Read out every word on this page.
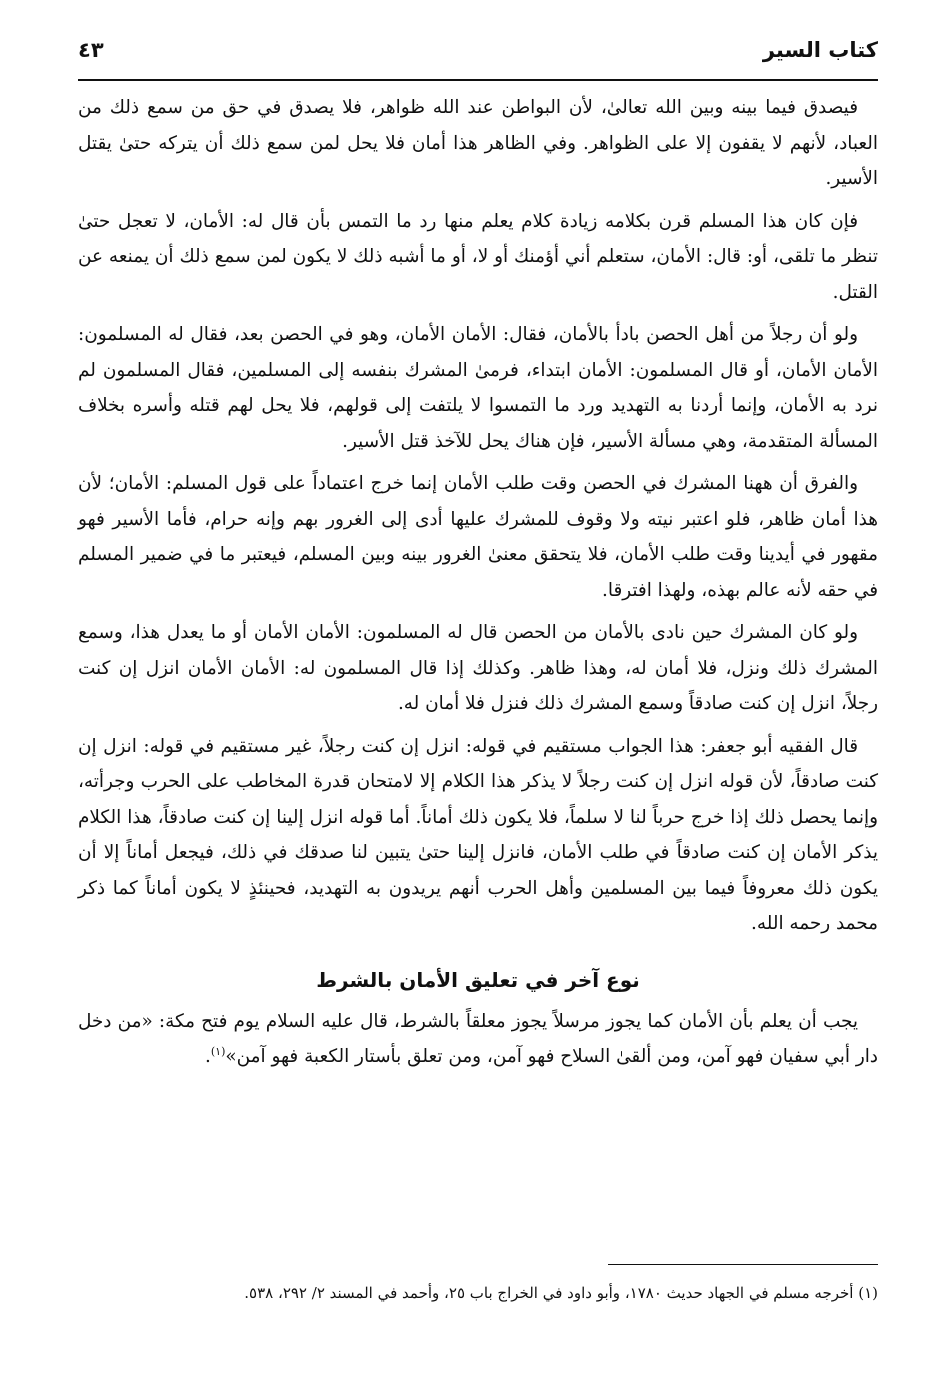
كتاب السير
٤٣

فيصدق فيما بينه وبين الله تعالىٰ، لأن البواطن عند الله ظواهر، فلا يصدق في حق من سمع ذلك من العباد، لأنهم لا يقفون إلا على الظواهر. وفي الظاهر هذا أمان فلا يحل لمن سمع ذلك أن يتركه حتىٰ يقتل الأسير.

فإن كان هذا المسلم قرن بكلامه زيادة كلام يعلم منها رد ما التمس بأن قال له: الأمان، لا تعجل حتىٰ تنظر ما تلقى، أو: قال: الأمان، ستعلم أني أؤمنك أو لا، أو ما أشبه ذلك لا يكون لمن سمع ذلك أن يمنعه عن القتل.

ولو أن رجلاً من أهل الحصن بادأ بالأمان، فقال: الأمان الأمان، وهو في الحصن بعد، فقال له المسلمون: الأمان الأمان، أو قال المسلمون: الأمان ابتداء، فرمىٰ المشرك بنفسه إلى المسلمين، فقال المسلمون لم نرد به الأمان، وإنما أردنا به التهديد ورد ما التمسوا لا يلتفت إلى قولهم، فلا يحل لهم قتله وأسره بخلاف المسألة المتقدمة، وهي مسألة الأسير، فإن هناك يحل للآخذ قتل الأسير.

والفرق أن ههنا المشرك في الحصن وقت طلب الأمان إنما خرج اعتماداً على قول المسلم: الأمان؛ لأن هذا أمان ظاهر، فلو اعتبر نيته ولا وقوف للمشرك عليها أدى إلى الغرور بهم وإنه حرام، فأما الأسير فهو مقهور في أيدينا وقت طلب الأمان، فلا يتحقق معنىٰ الغرور بينه وبين المسلم، فيعتبر ما في ضمير المسلم في حقه لأنه عالم بهذه، ولهذا افترقا.

ولو كان المشرك حين نادى بالأمان من الحصن قال له المسلمون: الأمان الأمان أو ما يعدل هذا، وسمع المشرك ذلك ونزل، فلا أمان له، وهذا ظاهر. وكذلك إذا قال المسلمون له: الأمان الأمان انزل إن كنت رجلاً، انزل إن كنت صادقاً وسمع المشرك ذلك فنزل فلا أمان له.

قال الفقيه أبو جعفر: هذا الجواب مستقيم في قوله: انزل إن كنت رجلاً، غير مستقيم في قوله: انزل إن كنت صادقاً، لأن قوله انزل إن كنت رجلاً لا يذكر هذا الكلام إلا لامتحان قدرة المخاطب على الحرب وجرأته، وإنما يحصل ذلك إذا خرج حرباً لنا لا سلماً، فلا يكون ذلك أماناً. أما قوله انزل إلينا إن كنت صادقاً، هذا الكلام يذكر الأمان إن كنت صادقاً في طلب الأمان، فانزل إلينا حتىٰ يتبين لنا صدقك في ذلك، فيجعل أماناً إلا أن يكون ذلك معروفاً فيما بين المسلمين وأهل الحرب أنهم يريدون به التهديد، فحينئذٍ لا يكون أماناً كما ذكر محمد رحمه الله.

نوع آخر في تعليق الأمان بالشرط

يجب أن يعلم بأن الأمان كما يجوز مرسلاً يجوز معلقاً بالشرط، قال عليه السلام يوم فتح مكة: «من دخل دار أبي سفيان فهو آمن، ومن ألقىٰ السلاح فهو آمن، ومن تعلق بأستار الكعبة فهو آمن»$^{(١)}$.

(١) أخرجه مسلم في الجهاد حديث ١٧٨٠، وأبو داود في الخراج باب ٢٥، وأحمد في المسند ٢/ ٢٩٢، ٥٣٨.
